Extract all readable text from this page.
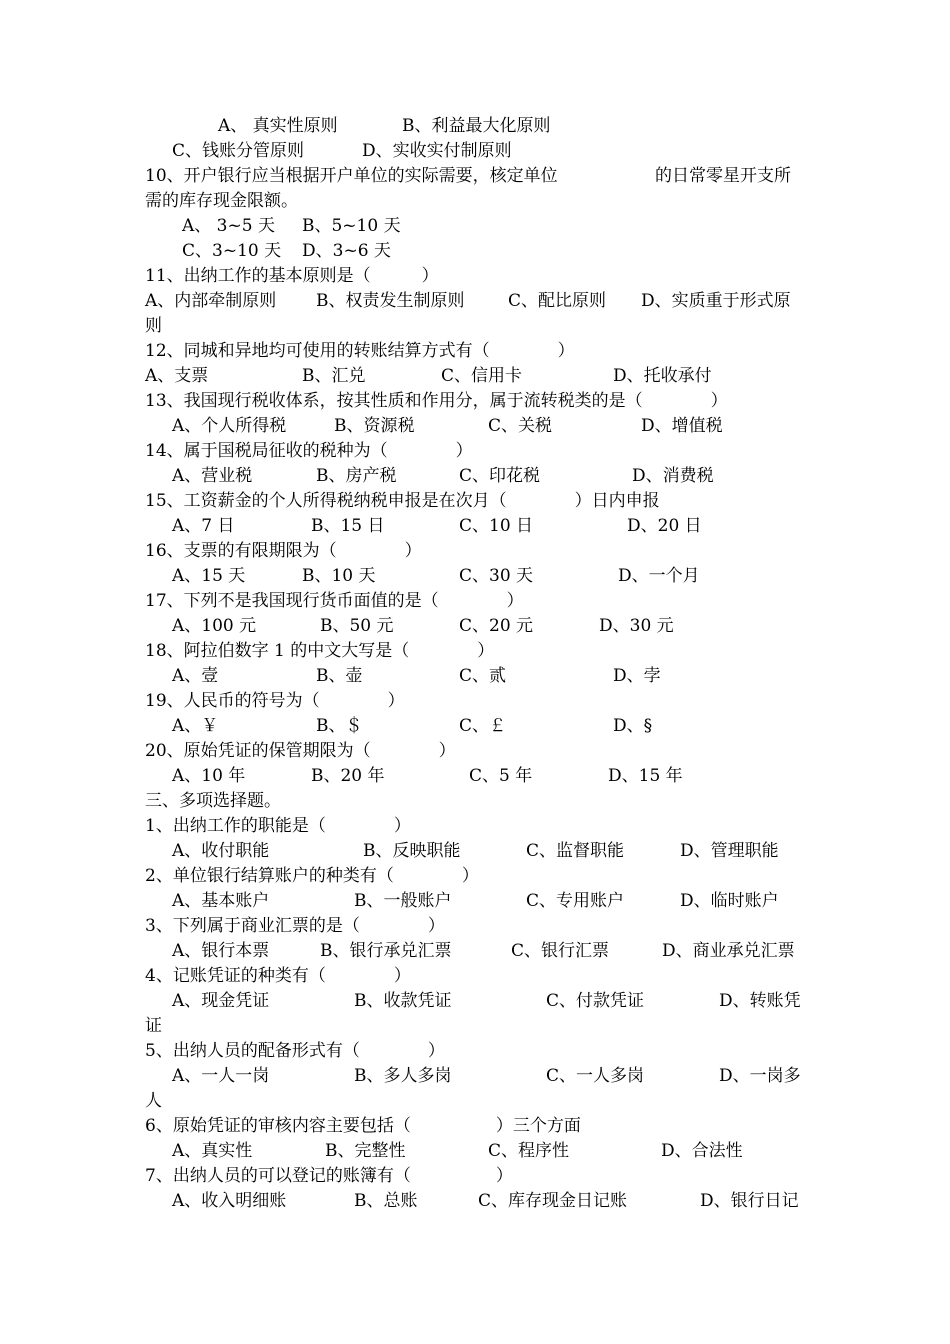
A、 真实性原则

	B、利益最大化原则

C、钱账分管原则

	D、实收实付制原则

10、开户银行应当根据开户单位的实际需要，核定单位

	的日常零星开支所

需的库存现金限额。

A、 3~5 天

B、5~10 天

C、3~10 天

D、3~6 天

11、出纳工作的基本原则是（　　　）

A、内部牵制原则

B、权责发生制原则

	C、配比原则

D、实质重于形式原

则

12、同城和异地均可使用的转账结算方式有（　　　　）

A、支票

	B、汇兑

	C、信用卡

	D、托收承付

13、我国现行税收体系，按其性质和作用分，属于流转税类的是（　　　　）

A、个人所得税

	B、资源税

	C、关税

	D、增值税

14、属于国税局征收的税种为（　　　　）

A、营业税

	B、房产税

	C、印花税

	D、消费税

15、工资薪金的个人所得税纳税申报是在次月（　　　　）日内申报

A、7 日

	B、15 日

	C、10 日

	D、20 日

16、支票的有限期限为（　　　　）

A、15 天

	B、10 天

	C、30 天

	D、一个月

17、下列不是我国现行货币面值的是（　　　　）

A、100 元

	B、50 元

	C、20 元

	D、30 元

18、阿拉伯数字 1 的中文大写是（　　　　）

A、壹

	B、壶

	C、贰

	D、孛

19、人民币的符号为（　　　　）

A、￥

	B、＄

	C、￡

	D、§

20、原始凭证的保管期限为（　　　　）

A、10 年

	B、20 年

	C、5 年

	D、15 年

三、多项选择题。

1、出纳工作的职能是（　　　　）

A、收付职能

	B、反映职能

	C、监督职能

	D、管理职能

2、单位银行结算账户的种类有（　　　　）

A、基本账户

	B、一般账户

	C、专用账户

	D、临时账户

3、下列属于商业汇票的是（　　　　）

A、银行本票

	B、银行承兑汇票

	C、银行汇票

	D、商业承兑汇票

4、记账凭证的种类有（　　　　）

A、现金凭证

	B、收款凭证

	C、付款凭证

	D、转账凭

证

5、出纳人员的配备形式有（　　　　）

A、一人一岗

	B、多人多岗

	C、一人多岗

	D、一岗多

人

6、原始凭证的审核内容主要包括（　　　　　）三个方面

A、真实性

	B、完整性

	C、程序性

	D、合法性

7、出纳人员的可以登记的账簿有（　　　　　）

A、收入明细账

	B、总账

	C、库存现金日记账

	D、银行日记
